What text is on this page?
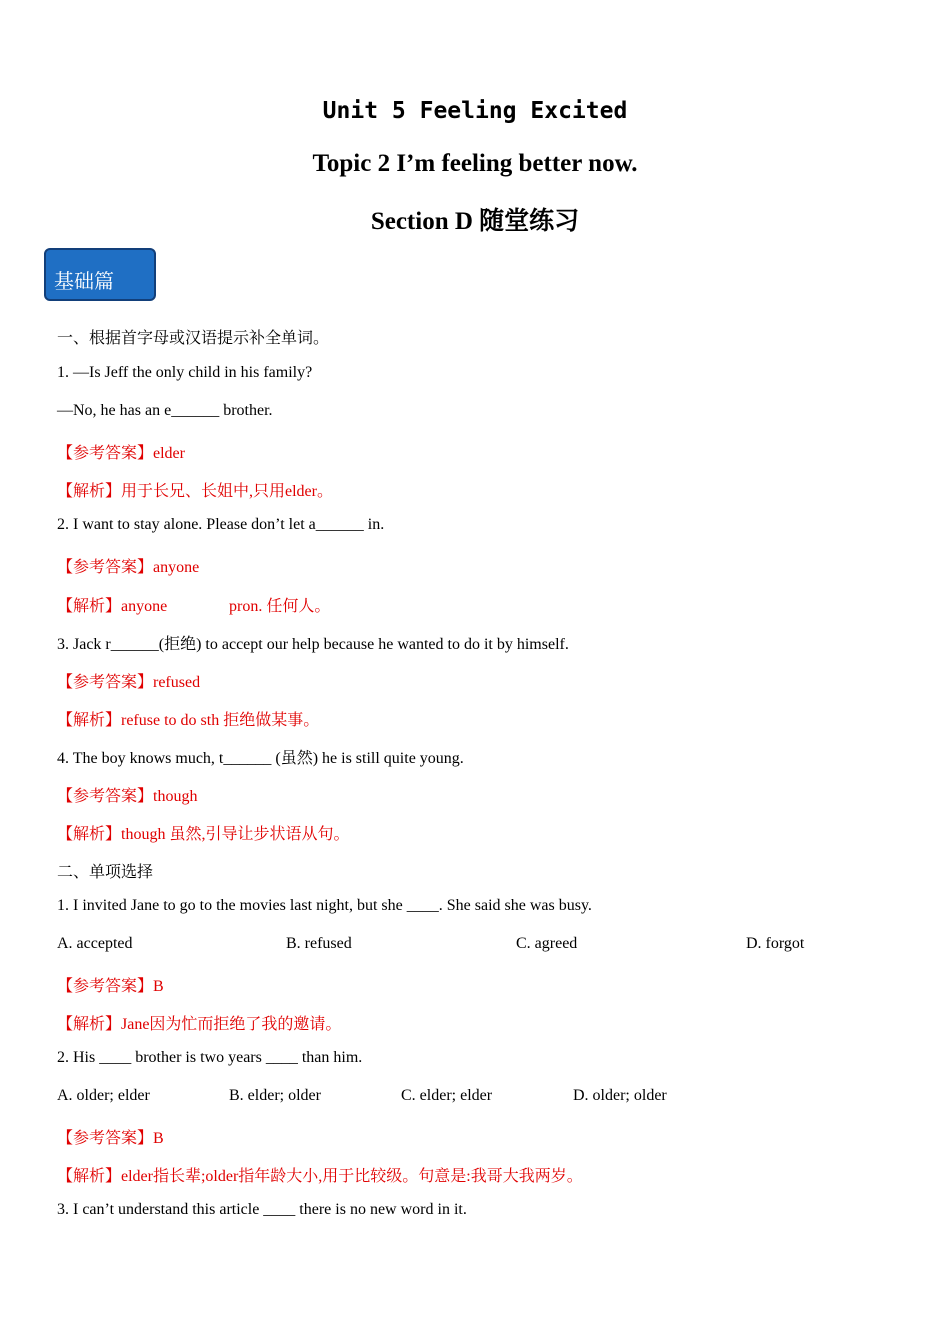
Unit 5 Feeling Excited
Topic 2 I’m feeling better now.
Section D 随堂练习
基础篇
一、根据首字母或汉语提示补全单词。
1. —Is Jeff the only child in his family?
—No, he has an e______ brother.
【参考答案】elder
【解析】用于长兄、长姐中,只用elder。
2. I want to stay alone. Please don’t let a______ in.
【参考答案】anyone
【解析】anyone	pron. 任何人。
3. Jack r______(拒绝) to accept our help because he wanted to do it by himself.
【参考答案】refused
【解析】refuse to do sth 拒绝做某事。
4. The boy knows much, t______ (虽然) he is still quite young.
【参考答案】though
【解析】though 虽然,引导让步状语从句。
二、单项选择
1. I invited Jane to go to the movies last night, but she ____. She said she was busy.
A. accepted	B. refused	C. agreed	D. forgot
【参考答案】B
【解析】Jane因为忙而拒绝了我的邀请。
2. His ____ brother is two years ____ than him.
A. older; elder	B. elder; older	C. elder; elder	D. older; older
【参考答案】B
【解析】elder指长辈;older指年龄大小,用于比较级。句意是:我哥大我两岁。
3. I can’t understand this article ____ there is no new word in it.
